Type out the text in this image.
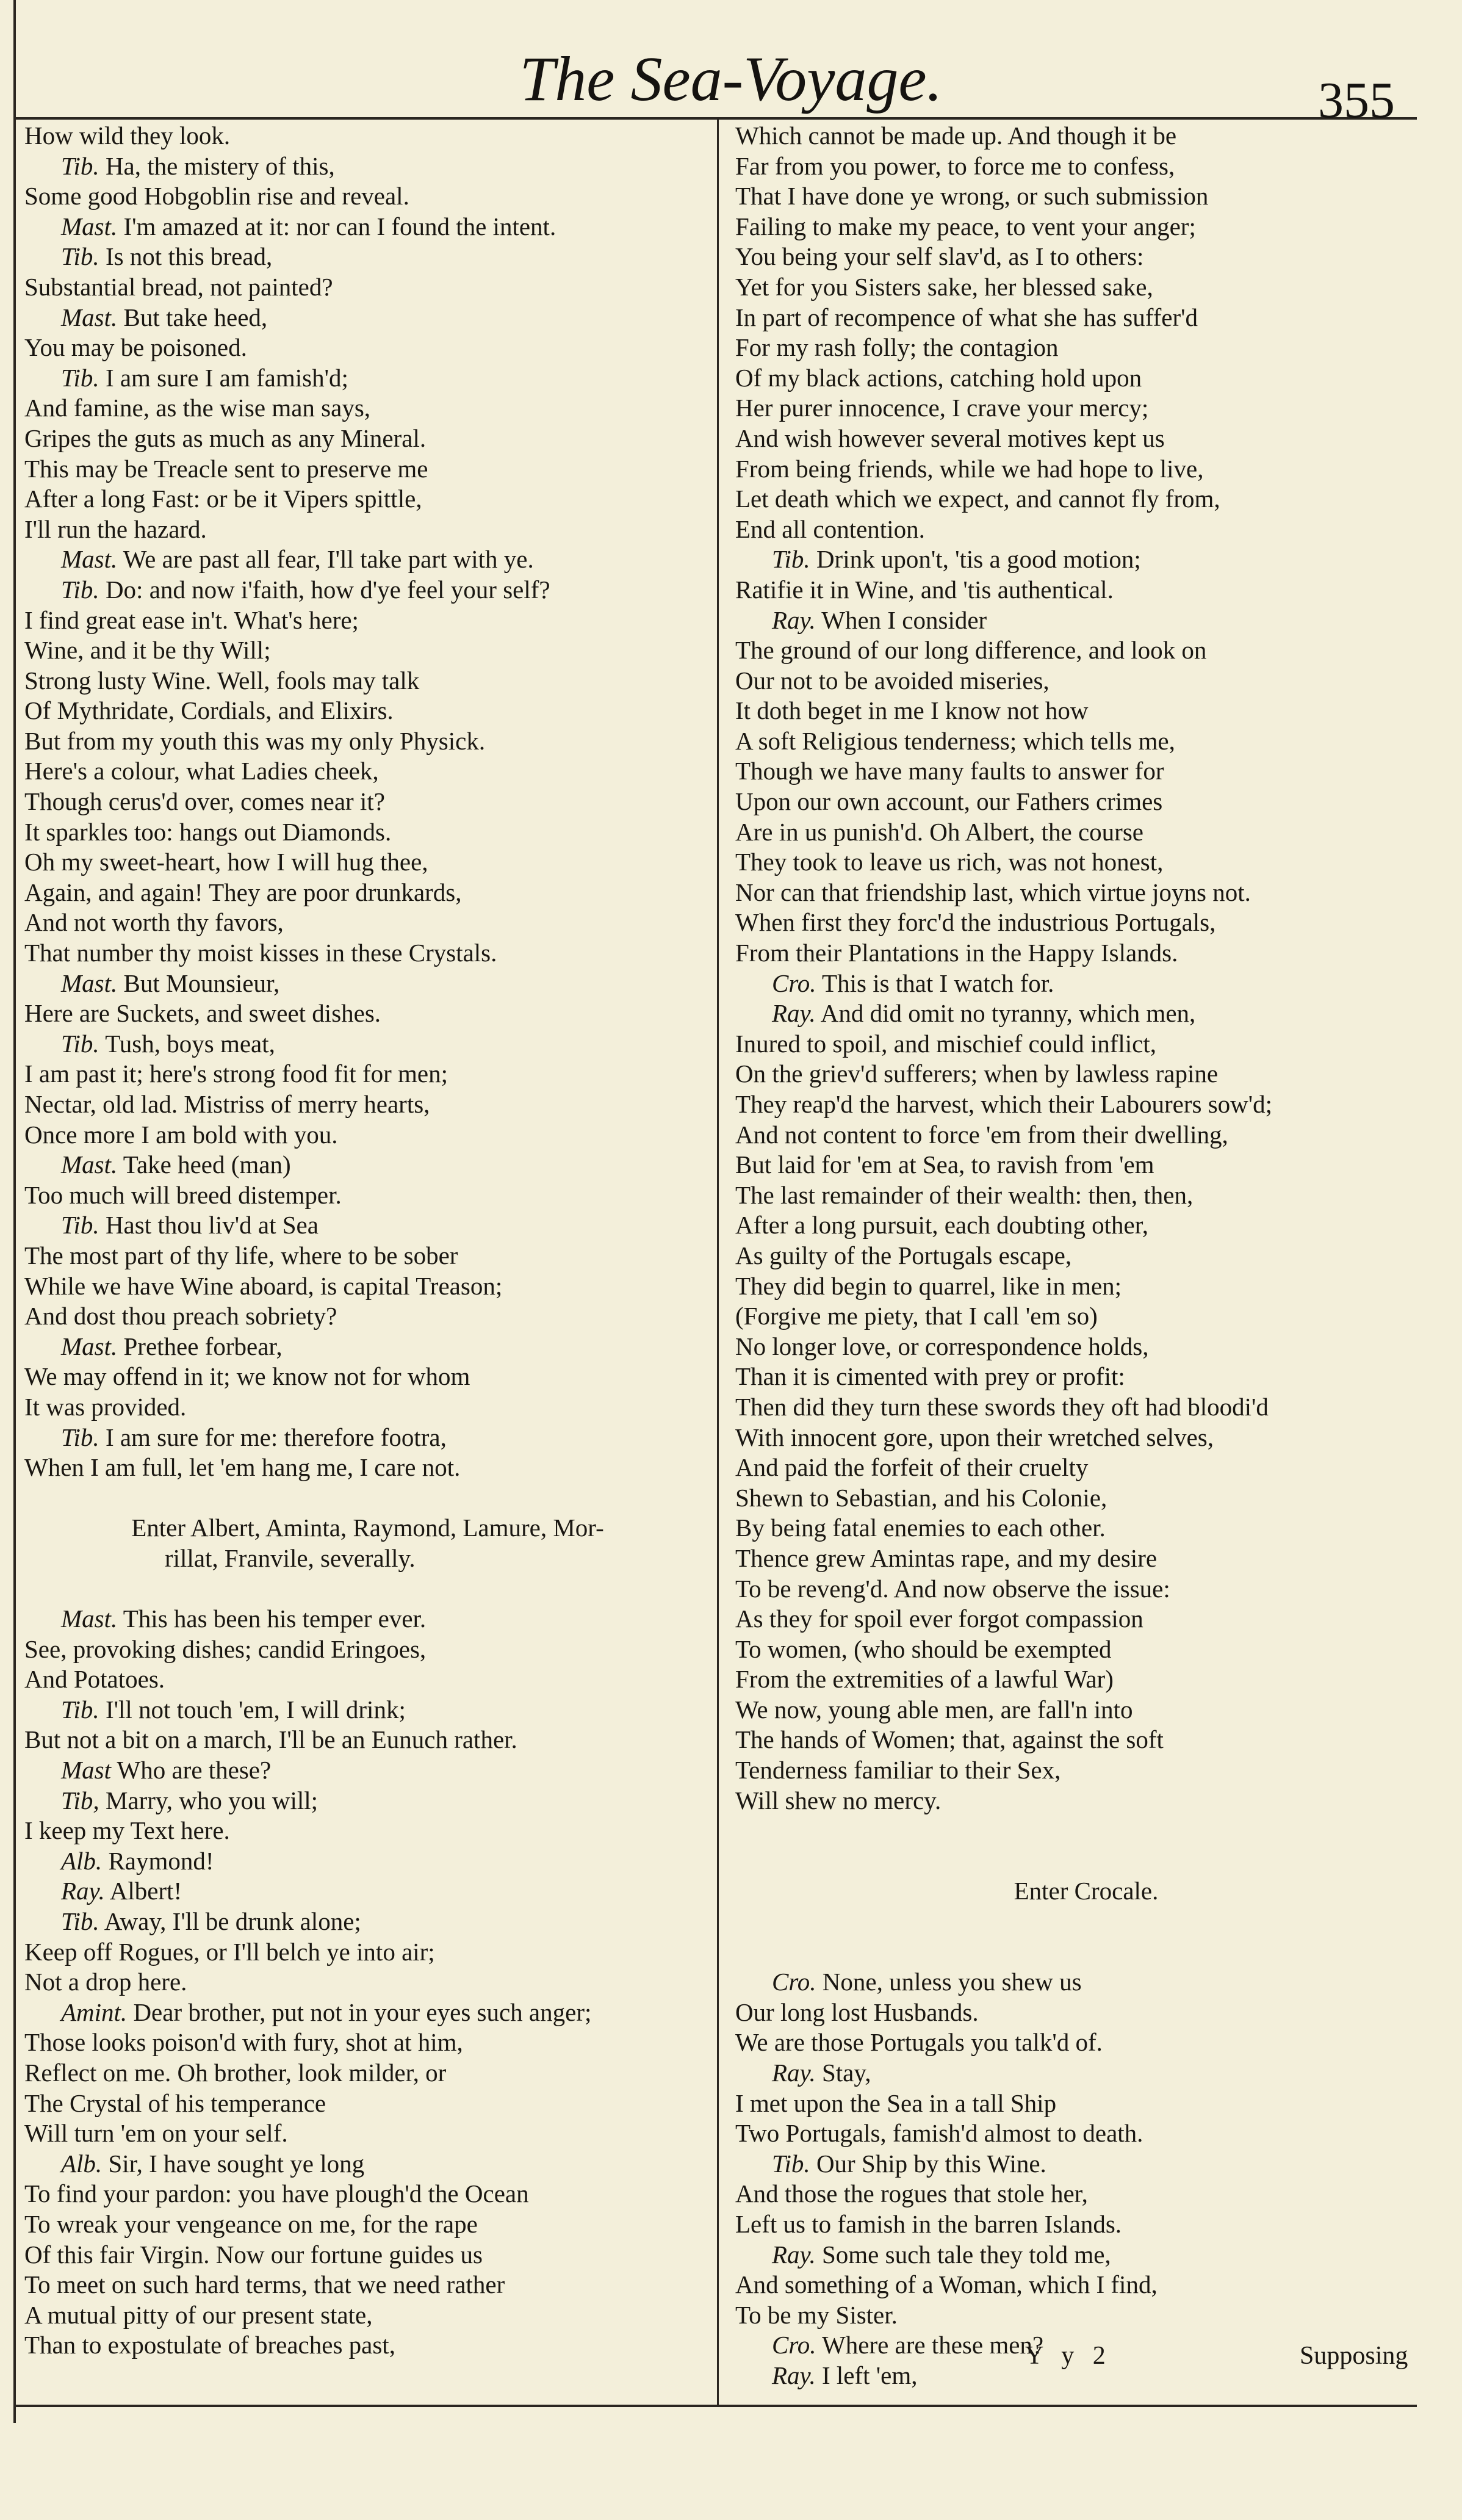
The Sea-Voyage.	355
How wild they look.
Tib. Ha, the mistery of this,
Some good Hobgoblin rise and reveal.
Mast. I'm amazed at it: nor can I found the intent.
Tib. Is not this bread,
Substantial bread, not painted?
Mast. But take heed,
You may be poisoned.
Tib. I am sure I am famish'd;
And famine, as the wise man says,
Gripes the guts as much as any Mineral.
This may be Treacle sent to preserve me
After a long Fast: or be it Vipers spittle,
I'll run the hazard.
Mast. We are past all fear, I'll take part with ye.
Tib. Do: and now i'faith, how d'ye feel your self?
I find great ease in't. What's here;
Wine, and it be thy Will;
Strong lusty Wine. Well, fools may talk
Of Mythridate, Cordials, and Elixirs.
But from my youth this was my only Physick.
Here's a colour, what Ladies cheek,
Though cerus'd over, comes near it?
It sparkles too: hangs out Diamonds.
Oh my sweet-heart, how I will hug thee,
Again, and again! They are poor drunkards,
And not worth thy favors,
That number thy moist kisses in these Crystals.
Mast. But Mounsieur,
Here are Suckets, and sweet dishes.
Tib. Tush, boys meat,
I am past it; here's strong food fit for men;
Nectar, old lad. Mistriss of merry hearts,
Once more I am bold with you.
Mast. Take heed (man)
Too much will breed distemper.
Tib. Hast thou liv'd at Sea
The most part of thy life, where to be sober
While we have Wine aboard, is capital Treason;
And dost thou preach sobriety?
Mast. Prethee forbear,
We may offend in it; we know not for whom
It was provided.
Tib. I am sure for me: therefore footra,
When I am full, let 'em hang me, I care not.
Enter Albert, Aminta, Raymond, Lamure, Mor-
rillat, Franvile, severally.
Mast. This has been his temper ever.
See, provoking dishes; candid Eringoes,
And Potatoes.
Tib. I'll not touch 'em, I will drink;
But not a bit on a march, I'll be an Eunuch rather.
Mast Who are these?
Tib, Marry, who you will;
I keep my Text here.
Alb. Raymond!
Ray. Albert!
Tib. Away, I'll be drunk alone;
Keep off Rogues, or I'll belch ye into air;
Not a drop here.
Amint. Dear brother, put not in your eyes such anger;
Those looks poison'd with fury, shot at him,
Reflect on me. Oh brother, look milder, or
The Crystal of his temperance
Will turn 'em on your self.
Alb. Sir, I have sought ye long
To find your pardon: you have plough'd the Ocean
To wreak your vengeance on me, for the rape
Of this fair Virgin. Now our fortune guides us
To meet on such hard terms, that we need rather
A mutual pitty of our present state,
Than to expostulate of breaches past,
Which cannot be made up. And though it be
Far from you power, to force me to confess,
That I have done ye wrong, or such submission
Failing to make my peace, to vent your anger;
You being your self slav'd, as I to others:
Yet for you Sisters sake, her blessed sake,
In part of recompence of what she has suffer'd
For my rash folly; the contagion
Of my black actions, catching hold upon
Her purer innocence, I crave your mercy;
And wish however several motives kept us
From being friends, while we had hope to live,
Let death which we expect, and cannot fly from,
End all contention.
Tib. Drink upon't, 'tis a good motion;
Ratifie it in Wine, and 'tis authentical.
Ray. When I consider
The ground of our long difference, and look on
Our not to be avoided miseries,
It doth beget in me I know not how
A soft Religious tenderness; which tells me,
Though we have many faults to answer for
Upon our own account, our Fathers crimes
Are in us punish'd. Oh Albert, the course
They took to leave us rich, was not honest,
Nor can that friendship last, which virtue joyns not.
When first they forc'd the industrious Portugals,
From their Plantations in the Happy Islands.
Cro. This is that I watch for.
Ray. And did omit no tyranny, which men,
Inured to spoil, and mischief could inflict,
On the griev'd sufferers; when by lawless rapine
They reap'd the harvest, which their Labourers sow'd;
And not content to force 'em from their dwelling,
But laid for 'em at Sea, to ravish from 'em
The last remainder of their wealth: then, then,
After a long pursuit, each doubting other,
As guilty of the Portugals escape,
They did begin to quarrel, like in men;
(Forgive me piety, that I call 'em so)
No longer love, or correspondence holds,
Than it is cimented with prey or profit:
Then did they turn these swords they oft had bloodi'd
With innocent gore, upon their wretched selves,
And paid the forfeit of their cruelty
Shewn to Sebastian, and his Colonie,
By being fatal enemies to each other.
Thence grew Amintas rape, and my desire
To be reveng'd. And now observe the issue:
As they for spoil ever forgot compassion
To women, (who should be exempted
From the extremities of a lawful War)
We now, young able men, are fall'n into
The hands of Women; that, against the soft
Tenderness familiar to their Sex,
Will shew no mercy.
Enter Crocale.
Cro. None, unless you shew us
Our long lost Husbands.
We are those Portugals you talk'd of.
Ray. Stay,
I met upon the Sea in a tall Ship
Two Portugals, famish'd almost to death.
Tib. Our Ship by this Wine.
And those the rogues that stole her,
Left us to famish in the barren Islands.
Ray. Some such tale they told me,
And something of a Woman, which I find,
To be my Sister.
Cro. Where are these men?
Ray. I left 'em,
Y y 2	Supposing
